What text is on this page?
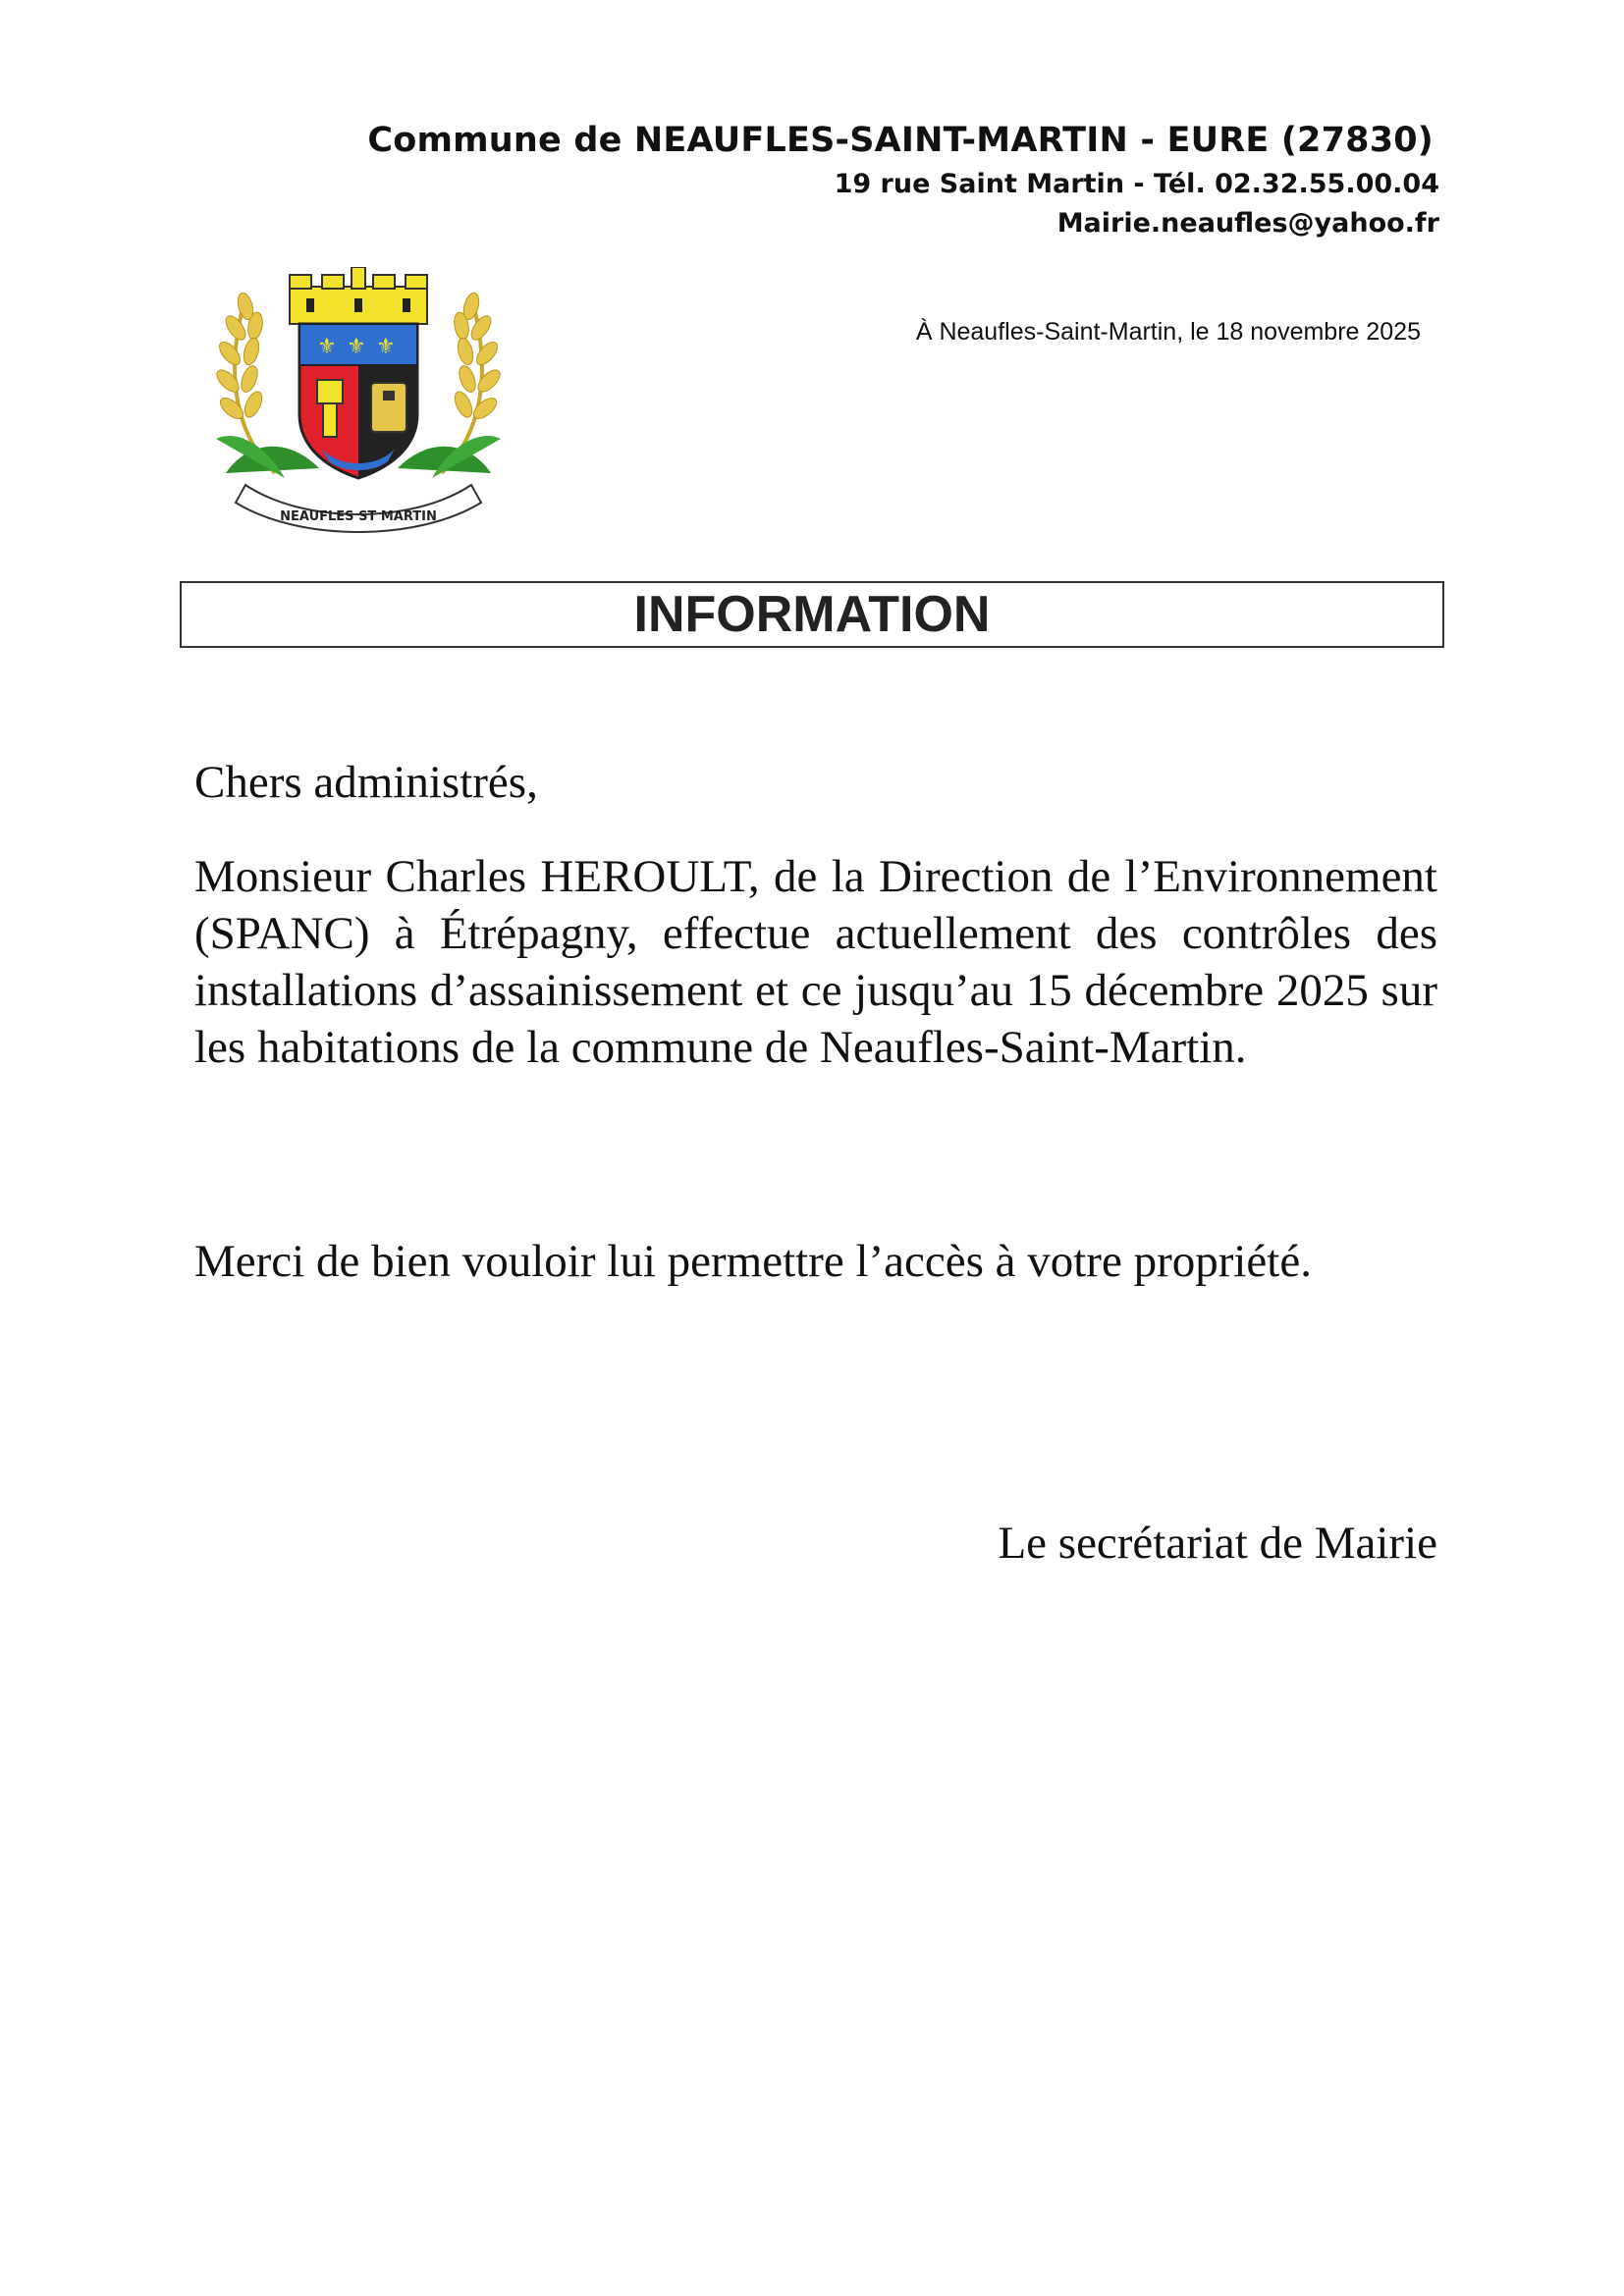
Commune de NEAUFLES-SAINT-MARTIN - EURE (27830)
19 rue Saint Martin - Tél. 02.32.55.00.04
Mairie.neaufles@yahoo.fr
⚜ ⚜ ⚜
NEAUFLES ST MARTIN
À Neaufles-Saint-Martin, le 18 novembre 2025
INFORMATION
Chers administrés,
Monsieur Charles HEROULT, de la Direction de l’Environnement (SPANC) à Étrépagny, effectue actuellement des contrôles des installations d’assainissement et ce jusqu’au 15 décembre 2025 sur les habitations de la commune de Neaufles-Saint-Martin.
Merci de bien vouloir lui permettre l’accès à votre propriété.
Le secrétariat de Mairie
